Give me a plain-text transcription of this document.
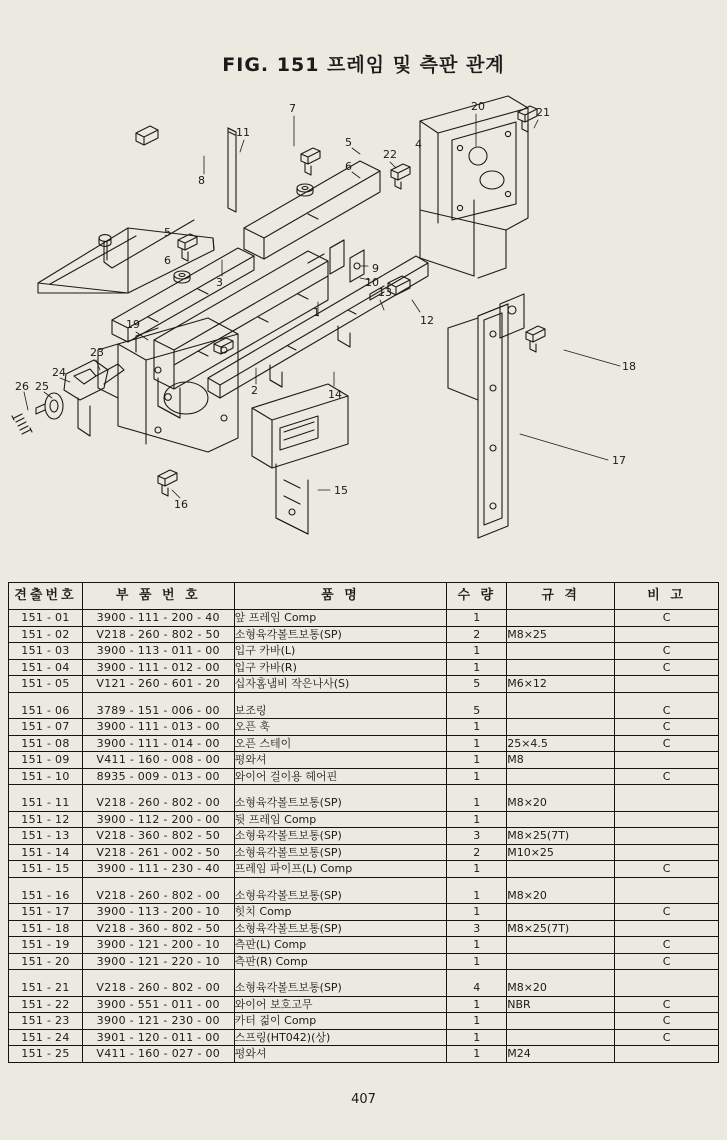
FIG. 151 프레임 및 측판 관계
1
2
3
4
5
6
5
6
7
8
9
10
11
12
13
14
15
16
17
18
19
20	21
22
23
24
25
26
견출번호	부 품 번 호	품 명	수 량	규 격	비 고
151 - 01	3900 - 111 - 200 - 40	앞 프레임 Comp	1		C
151 - 02	V218 - 260 - 802 - 50	소형육각볼트보통(SP)	2	M8×25	
151 - 03	3900 - 113 - 011 - 00	입구 카바(L)	1		C
151 - 04	3900 - 111 - 012 - 00	입구 카바(R)	1		C
151 - 05	V121 - 260 - 601 - 20	십자홈냄비 작은나사(S)	5	M6×12	

151 - 06	3789 - 151 - 006 - 00	보조링	5		C
151 - 07	3900 - 111 - 013 - 00	오픈 훅	1		C
151 - 08	3900 - 111 - 014 - 00	오픈 스테이	1	25×4.5	C
151 - 09	V411 - 160 - 008 - 00	평와셔	1	M8	
151 - 10	8935 - 009 - 013 - 00	와이어 걸이용 헤어핀	1		C

151 - 11	V218 - 260 - 802 - 00	소형육각볼트보통(SP)	1	M8×20	
151 - 12	3900 - 112 - 200 - 00	뒷 프레임 Comp	1		
151 - 13	V218 - 360 - 802 - 50	소형육각볼트보통(SP)	3	M8×25(7T)	
151 - 14	V218 - 261 - 002 - 50	소형육각볼트보통(SP)	2	M10×25	
151 - 15	3900 - 111 - 230 - 40	프레임 파이프(L) Comp	1		C

151 - 16	V218 - 260 - 802 - 00	소형육각볼트보통(SP)	1	M8×20	
151 - 17	3900 - 113 - 200 - 10	힛치 Comp	1		C
151 - 18	V218 - 360 - 802 - 50	소형육각볼트보통(SP)	3	M8×25(7T)	
151 - 19	3900 - 121 - 200 - 10	측판(L) Comp	1		C
151 - 20	3900 - 121 - 220 - 10	측판(R) Comp	1		C

151 - 21	V218 - 260 - 802 - 00	소형육각볼트보통(SP)	4	M8×20	
151 - 22	3900 - 551 - 011 - 00	와이어 보호고무	1	NBR	C
151 - 23	3900 - 121 - 230 - 00	카터 걺이 Comp	1		C
151 - 24	3901 - 120 - 011 - 00	스프링(HT042)(상)	1		C
151 - 25	V411 - 160 - 027 - 00	평와셔	1	M24	
407
